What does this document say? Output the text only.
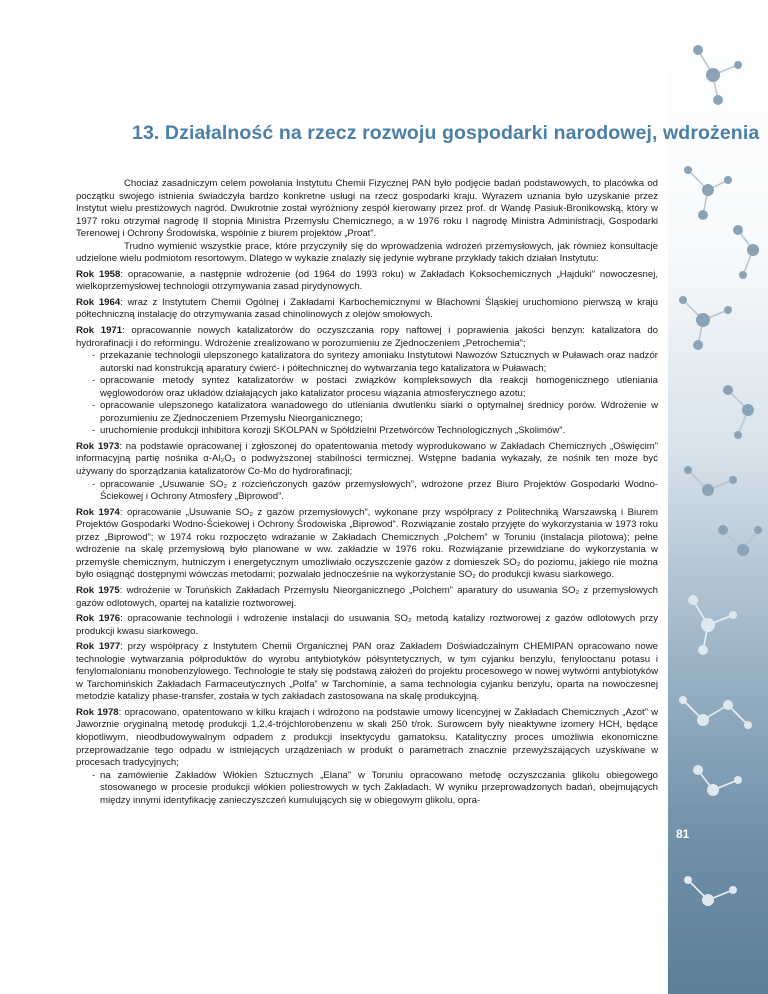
81
13. Działalność na rzecz rozwoju gospodarki narodowej, wdrożenia

Chociaż zasadniczym celem powołania Instytutu Chemii Fizycznej PAN było podjęcie badań podstawowych, to placówka od początku swojego istnienia świadczyła bardzo konkretne usługi na rzecz gospodarki kraju. Wyrazem uznania było uzyskanie przez Instytut wielu prestiżowych nagród. Dwukrotnie został wyróżniony zespół kierowany przez prof. dr Wandę Pasiuk-Bronikowską, który w 1977 roku otrzymał nagrodę II stopnia Ministra Przemysłu Chemicznego, a w 1976 roku I nagrodę Ministra Administracji, Gospodarki Terenowej i Ochrony Środowiska, wspólnie z biurem projektów „Proat”.

Trudno wymienić wszystkie prace, które przyczyniły się do wprowadzenia wdrożeń przemysłowych, jak również konsultacje udzielone wielu podmiotom resortowym. Dlatego w wykazie znalazły się jedynie wybrane przykłady takich działań Instytutu:

Rok 1958: opracowanie, a następnie wdrożenie (od 1964 do 1993 roku) w Zakładach Koksochemicznych „Hajduki” nowoczesnej, wielkoprzemysłowej technologii otrzymywania zasad pirydynowych.

Rok 1964: wraz z Instytutem Chemii Ogólnej i Zakładami Karbochemicznymi w Blachowni Śląskiej uruchomiono pierwszą w kraju półtechniczną instalację do otrzymywania zasad chinolinowych z olejów smołowych.

Rok 1971: opracowannie nowych katalizatorów do oczyszczania ropy naftowej i poprawienia jakości benzyn: katalizatora do hydrorafinacji i do reformingu. Wdrożenie zrealizowano w porozumieniu ze Zjednoczeniem „Petrochemia”;

- przekazanie technologii ulepszonego katalizatora do syntezy amoniaku Instytutowi Nawozów Sztucznych w Puławach oraz nadzór autorski nad konstrukcją aparatury ćwierć- i półtechnicznej do wytwarzania tego katalizatora w Puławach;
- opracowanie metody syntez katalizatorów w postaci związków kompleksowych dla reakcji homogenicznego utleniania węglowodorów oraz układów działających jako katalizator procesu wiązania atmosferycznego azotu;
- opracowanie ulepszonego katalizatora wanadowego do utleniania dwutlenku siarki o optymalnej średnicy porów. Wdrożenie w porozumieniu ze Zjednoczeniem Przemysłu Nieorganicznego;
- uruchomienie produkcji inhibitora korozji SKOLPAN w Spółdzielni Przetwórców Technologicznych „Skolimów”.

Rok 1973: na podstawie opracowanej i zgłoszonej do opatentowania metody wyprodukowano w Zakładach Chemicznych „Oświęcim” informacyjną partię nośnika α-Al₂O₃ o podwyższonej stabilności termicznej. Wstępne badania wykazały, że nośnik ten może być używany do sporządzania katalizatorów Co-Mo do hydrorafinacji;

- opracowanie „Usuwanie SO₂ z rozcieńczonych gazów przemysłowych”, wdrożone przez Biuro Projektów Gospodarki Wodno-Ściekowej i Ochrony Atmosfery „Biprowod”.

Rok 1974: opracowanie „Usuwanie SO₂ z gazów przemysłowych”, wykonane przy współpracy z Politechniką Warszawską i Biurem Projektów Gospodarki Wodno-Ściekowej i Ochrony Środowiska „Biprowod”. Rozwiązanie zostało przyjęte do wykorzystania w 1973 roku przez „Biprowod”; w 1974 roku rozpoczęto wdrażanie w Zakładach Chemicznych „Polchem” w Toruniu (instalacja pilotowa); pełne wdrożenie na skalę przemysłową było planowane w ww. zakładzie w 1976 roku. Rozwiązanie przewidziane do wykorzystania w przemyśle chemicznym, hutniczym i energetycznym umożliwiało oczyszczenie gazów z domieszek SO₂ do poziomu, jakiego nie można było osiągnąć dostępnymi wówczas metodami; pozwalało jednocześnie na wykorzystanie SO₂ do produkcji kwasu siarkowego.

Rok 1975: wdrożenie w Toruńskich Zakładach Przemysłu Nieorganicznego „Polchem” aparatury do usuwania SO₂ z przemysłowych gazów odlotowych, opartej na katalizie roztworowej.

Rok 1976: opracowanie technologii i wdrożenie instalacji do usuwania SO₂ metodą katalizy roztworowej z gazów odlotowych przy produkcji kwasu siarkowego.

Rok 1977: przy współpracy z Instytutem Chemii Organicznej PAN oraz Zakładem Doświadczalnym CHEMIPAN opracowano nowe technologie wytwarzania półproduktów do wyrobu antybiotyków półsyntetycznych, w tym cyjanku benzylu, fenylooctanu potasu i fenylomalonianu monobenzylowego. Technologie te stały się podstawą założeń do projektu procesowego w nowej wytwórni antybiotyków w Tarchomińskich Zakładach Farmaceutycznych „Polfa” w Tarchominie, a sama technologia cyjanku benzylu, oparta na nowoczesnej metodzie katalizy phase-transfer, została w tych zakładach zastosowana na skalę produkcyjną.

Rok 1978: opracowano, opatentowano w kilku krajach i wdrożono na podstawie umowy licencyjnej w Zakładach Chemicznych „Azot” w Jaworznie oryginalną metodę produkcji 1,2,4-trójchlorobenzenu w skali 250 t/rok. Surowcem były nieaktywne izomery HCH, będące kłopotliwym, nieodbudowywalnym odpadem z produkcji insektycydu gamatoksu. Katalityczny proces umożliwia ekonomiczne przeprowadzanie tego odpadu w istniejących urządzeniach w produkt o parametrach znacznie przewyższających uzyskiwane w procesach tradycyjnych;

- na zamówienie Zakładów Włókien Sztucznych „Elana” w Toruniu opracowano metodę oczyszczania glikolu obiegowego stosowanego w procesie produkcji włókien poliestrowych w tych Zakładach. W wyniku przeprowadzonych badań, obejmujących między innymi identyfikację zanieczyszczeń kumulujących się w obiegowym glikolu, opra-
